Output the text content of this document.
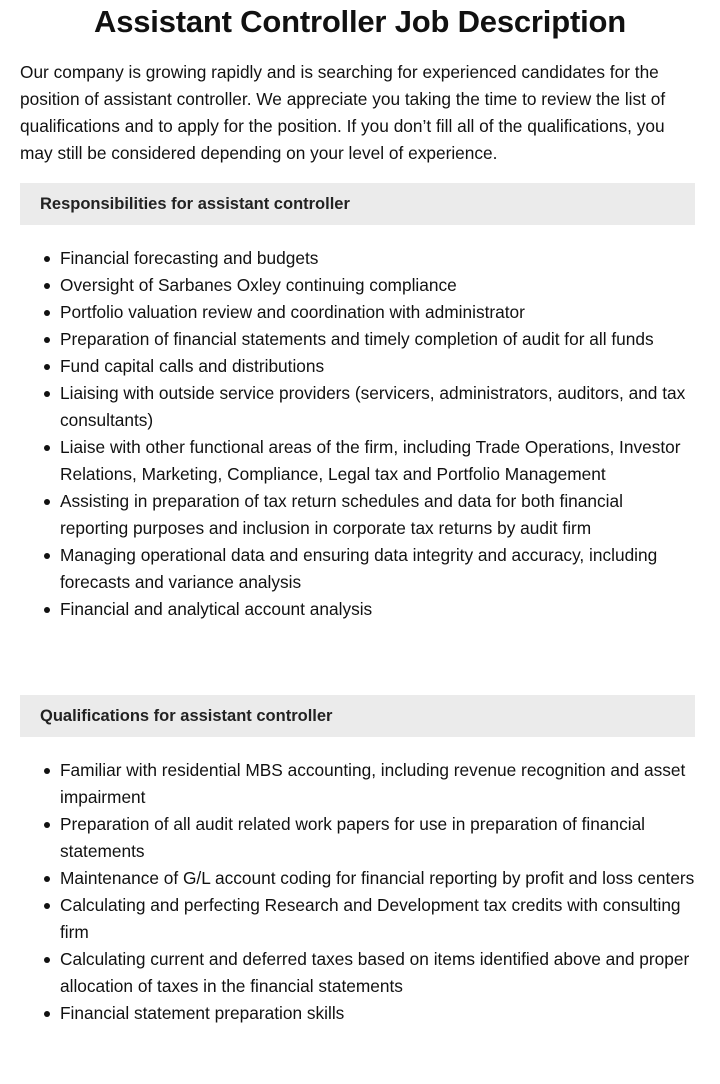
Assistant Controller Job Description

Our company is growing rapidly and is searching for experienced candidates for the position of assistant controller. We appreciate you taking the time to review the list of qualifications and to apply for the position. If you don’t fill all of the qualifications, you may still be considered depending on your level of experience.

Responsibilities for assistant controller
Financial forecasting and budgets
Oversight of Sarbanes Oxley continuing compliance
Portfolio valuation review and coordination with administrator
Preparation of financial statements and timely completion of audit for all funds
Fund capital calls and distributions
Liaising with outside service providers (servicers, administrators, auditors, and tax consultants)
Liaise with other functional areas of the firm, including Trade Operations, Investor Relations, Marketing, Compliance, Legal tax and Portfolio Management
Assisting in preparation of tax return schedules and data for both financial reporting purposes and inclusion in corporate tax returns by audit firm
Managing operational data and ensuring data integrity and accuracy, including forecasts and variance analysis
Financial and analytical account analysis
Qualifications for assistant controller
Familiar with residential MBS accounting, including revenue recognition and asset impairment
Preparation of all audit related work papers for use in preparation of financial statements
Maintenance of G/L account coding for financial reporting by profit and loss centers
Calculating and perfecting Research and Development tax credits with consulting firm
Calculating current and deferred taxes based on items identified above and proper allocation of taxes in the financial statements
Financial statement preparation skills
